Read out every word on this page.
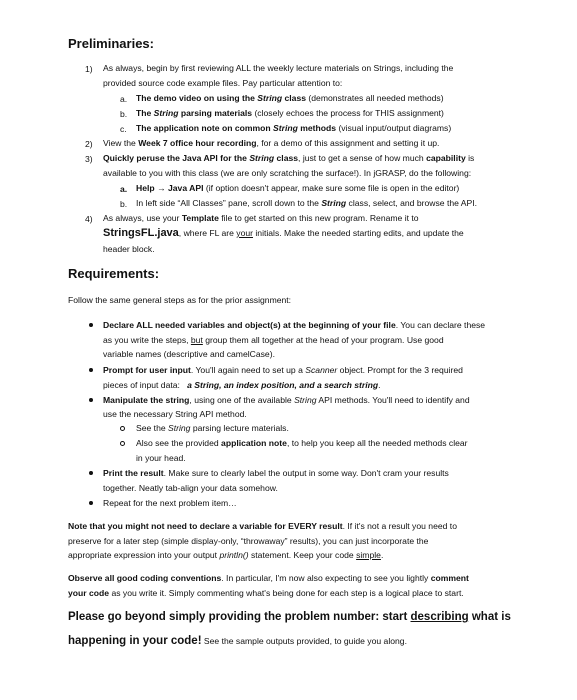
Preliminaries:
1) As always, begin by first reviewing ALL the weekly lecture materials on Strings, including the
provided source code example files. Pay particular attention to:
a. The demo video on using the String class (demonstrates all needed methods)
b. The String parsing materials (closely echoes the process for THIS assignment)
c. The application note on common String methods (visual input/output diagrams)
2) View the Week 7 office hour recording, for a demo of this assignment and setting it up.
3) Quickly peruse the Java API for the String class, just to get a sense of how much capability is
available to you with this class (we are only scratching the surface!). In jGRASP, do the following:
a. Help → Java API (if option doesn't appear, make sure some file is open in the editor)
b. In left side “All Classes” pane, scroll down to the String class, select, and browse the API.
4) As always, use your Template file to get started on this new program. Rename it to
StringsFL.java, where FL are your initials. Make the needed starting edits, and update the
header block.
Requirements:
Follow the same general steps as for the prior assignment:
Declare ALL needed variables and object(s) at the beginning of your file. You can declare these
as you write the steps, but group them all together at the head of your program. Use good
variable names (descriptive and camelCase).
Prompt for user input. You'll again need to set up a Scanner object. Prompt for the 3 required
pieces of input data:   a String, an index position, and a search string.
Manipulate the string, using one of the available String API methods. You'll need to identify and
use the necessary String API method.
See the String parsing lecture materials.
Also see the provided application note, to help you keep all the needed methods clear
in your head.
Print the result. Make sure to clearly label the output in some way. Don't cram your results
together. Neatly tab-align your data somehow.
Repeat for the next problem item…
Note that you might not need to declare a variable for EVERY result. If it's not a result you need to
preserve for a later step (simple display-only, “throwaway” results), you can just incorporate the
appropriate expression into your output println() statement. Keep your code simple.
Observe all good coding conventions. In particular, I'm now also expecting to see you lightly comment
your code as you write it. Simply commenting what's being done for each step is a logical place to start.
Please go beyond simply providing the problem number: start describing what is
happening in your code! See the sample outputs provided, to guide you along.
